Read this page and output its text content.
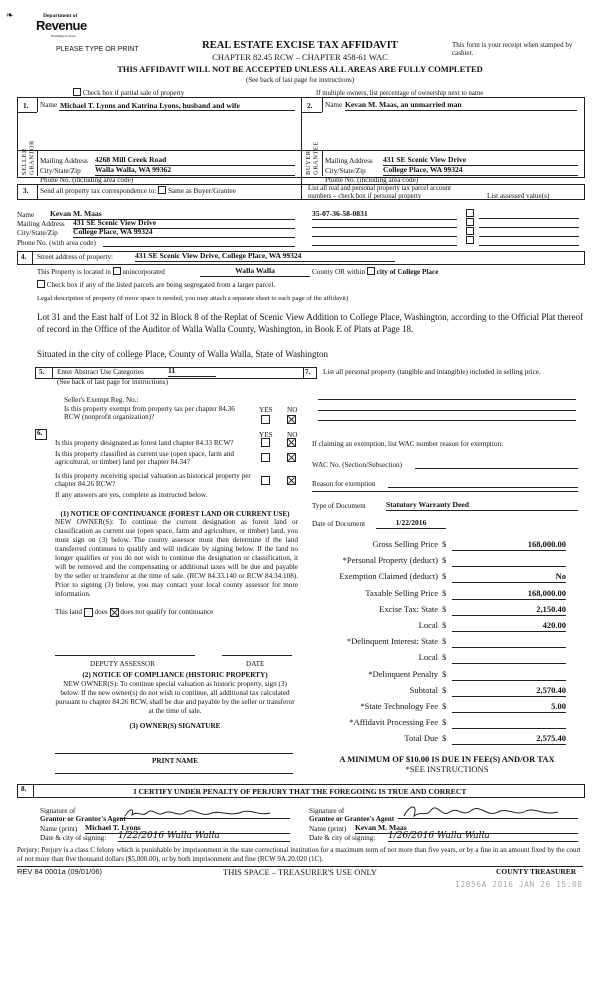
❧	Department of
Revenue
Washington State
PLEASE TYPE OR PRINT	REAL ESTATE EXCISE TAX AFFIDAVIT
CHAPTER 82.45 RCW – CHAPTER 458-61 WAC
This form is your receipt when stamped by cashier.
THIS AFFIDAVIT WILL NOT BE ACCEPTED UNLESS ALL AREAS ARE FULLY COMPLETED
(See back of last page for instructions)
Check box if partial sale of property	If multiple owners, list percentage of ownership next to name
1. Name Michael T. Lyons and Katrina Lyons, husband and wife
SELLER GRANTOR Mailing Address 4268 Mill Creek Road
City/State/Zip Walla Walla, WA 99362
Phone No. (including area code)
2. Name Kevan M. Maas, an unmarried man
BUYER GRANTEE Mailing Address 431 SE Scenic View Drive
City/State/Zip College Place, WA 99324
Phone No. (including area code)
3. Send all property tax correspondence to: Same as Buyer/Grantee	List all real and personal property tax parcel account numbers – check box if personal property	List assessed value(s)
Name Kevan M. Maas
Mailing Address 431 SE Scenic View Drive
City/State/Zip College Place, WA 99324
Phone No. (with area code)
35-07-36-58-0831
4. Street address of property:	431 SE Scenic View Drive, College Place, WA 99324
This Property is located in unincorporated	Walla Walla	County OR within city of College Place
Check box if any of the listed parcels are being segregated from a larger parcel.
Legal description of property (if more space is needed, you may attach a separate sheet to each page of the affidavit)
Lot 31 and the East half of Lot 32 in Block 8 of the Replat of Scenic View Addition to College Place, Washington, according to the Official Plat thereof of record in the Office of the Auditor of Walla Walla County, Washington, in Book E of Plats at Page 18.
Situated in the city of college Place, County of Walla Walla, State of Washington
5. Enter Abstract Use Categories	11
(See back of last page for instructions)
Seller's Exempt Reg. No.:
Is this property exempt from property tax per chapter 84.36 RCW (nonprofit organization)?
YES NO
7.	List all personal property (tangible and intangible) included in selling price.
6.	YES NO
Is this property designated as forest land chapter 84.33 RCW?
Is this property classified as current use (open space, farm and agricultural, or timber) land per chapter 84.34?
Is this property receiving special valuation as historical property per chapter 84.26 RCW?
If any answers are yes, complete as instructed below.
(1) NOTICE OF CONTINUANCE (FOREST LAND OR CURRENT USE)
NEW OWNER(S): To continue the current designation as forest land or classification as current use (open space, farm and agriculture, or timber) land, you must sign on (3) below. The county assessor must then determine if the land transferred continues to qualify and will indicate by signing below. If the land no longer qualifies or you do not wish to continue the designation or classification, it will be removed and the compensating or additional taxes will be due and payable by the seller or transferor at the time of sale. (RCW 84.33.140 or RCW 84.34.108). Prior to signing (3) below, you may contact your local county assessor for more information.
This land does does not qualify for continuance
DEPUTY ASSESSOR	DATE
(2) NOTICE OF COMPLIANCE (HISTORIC PROPERTY)
NEW OWNER(S): To continue special valuation as historic property, sign (3) below. If the new owner(s) do not wish to continue, all additional tax calculated pursuant to chapter 84.26 RCW, shall be due and payable by the seller or transferor at the time of sale.
(3) OWNER(S) SIGNATURE
PRINT NAME
If claiming an exemption, list WAC number reason for exemption:
WAC No. (Section/Subsection)
Reason for exemption
Type of Document	Statutory Warranty Deed
Date of Document	1/22/2016
Gross Selling Price $	168,000.00
*Personal Property (deduct) $
Exemption Claimed (deduct) $	No
Taxable Selling Price $	168,000.00
Excise Tax: State $	2,150.40
Local $	420.00
*Delinquent Interest: State $
Local $
*Delinquent Penalty $
Subtotal $	2,570.40
*State Technology Fee $	5.00
*Affidavit Processing Fee $
Total Due $	2,575.40
A MINIMUM OF $10.00 IS DUE IN FEE(S) AND/OR TAX
*SEE INSTRUCTIONS
8.	I CERTIFY UNDER PENALTY OF PERJURY THAT THE FOREGOING IS TRUE AND CORRECT
Signature of
Grantor or Grantor's Agent
Name (print) Michael T. Lyons
Date & city of signing: 1/22/2016 Walla Walla
Signature of
Grantee or Grantee's Agent
Name (print) Kevan M. Maas
Date & city of signing: 1/26/2016 Walla Walla
Perjury: Perjury is a class C felony which is punishable by imprisonment in the state correctional institution for a maximum term of not more than five years, or by a fine in an amount fixed by the court of not more than five thousand dollars ($5,000.00), or by both imprisonment and fine (RCW 9A.20.020 (1C).
REV 84 0001a (09/01/06)	THIS SPACE – TREASURER'S USE ONLY	COUNTY TREASURER
12856A 2016 JAN 26 15:08
